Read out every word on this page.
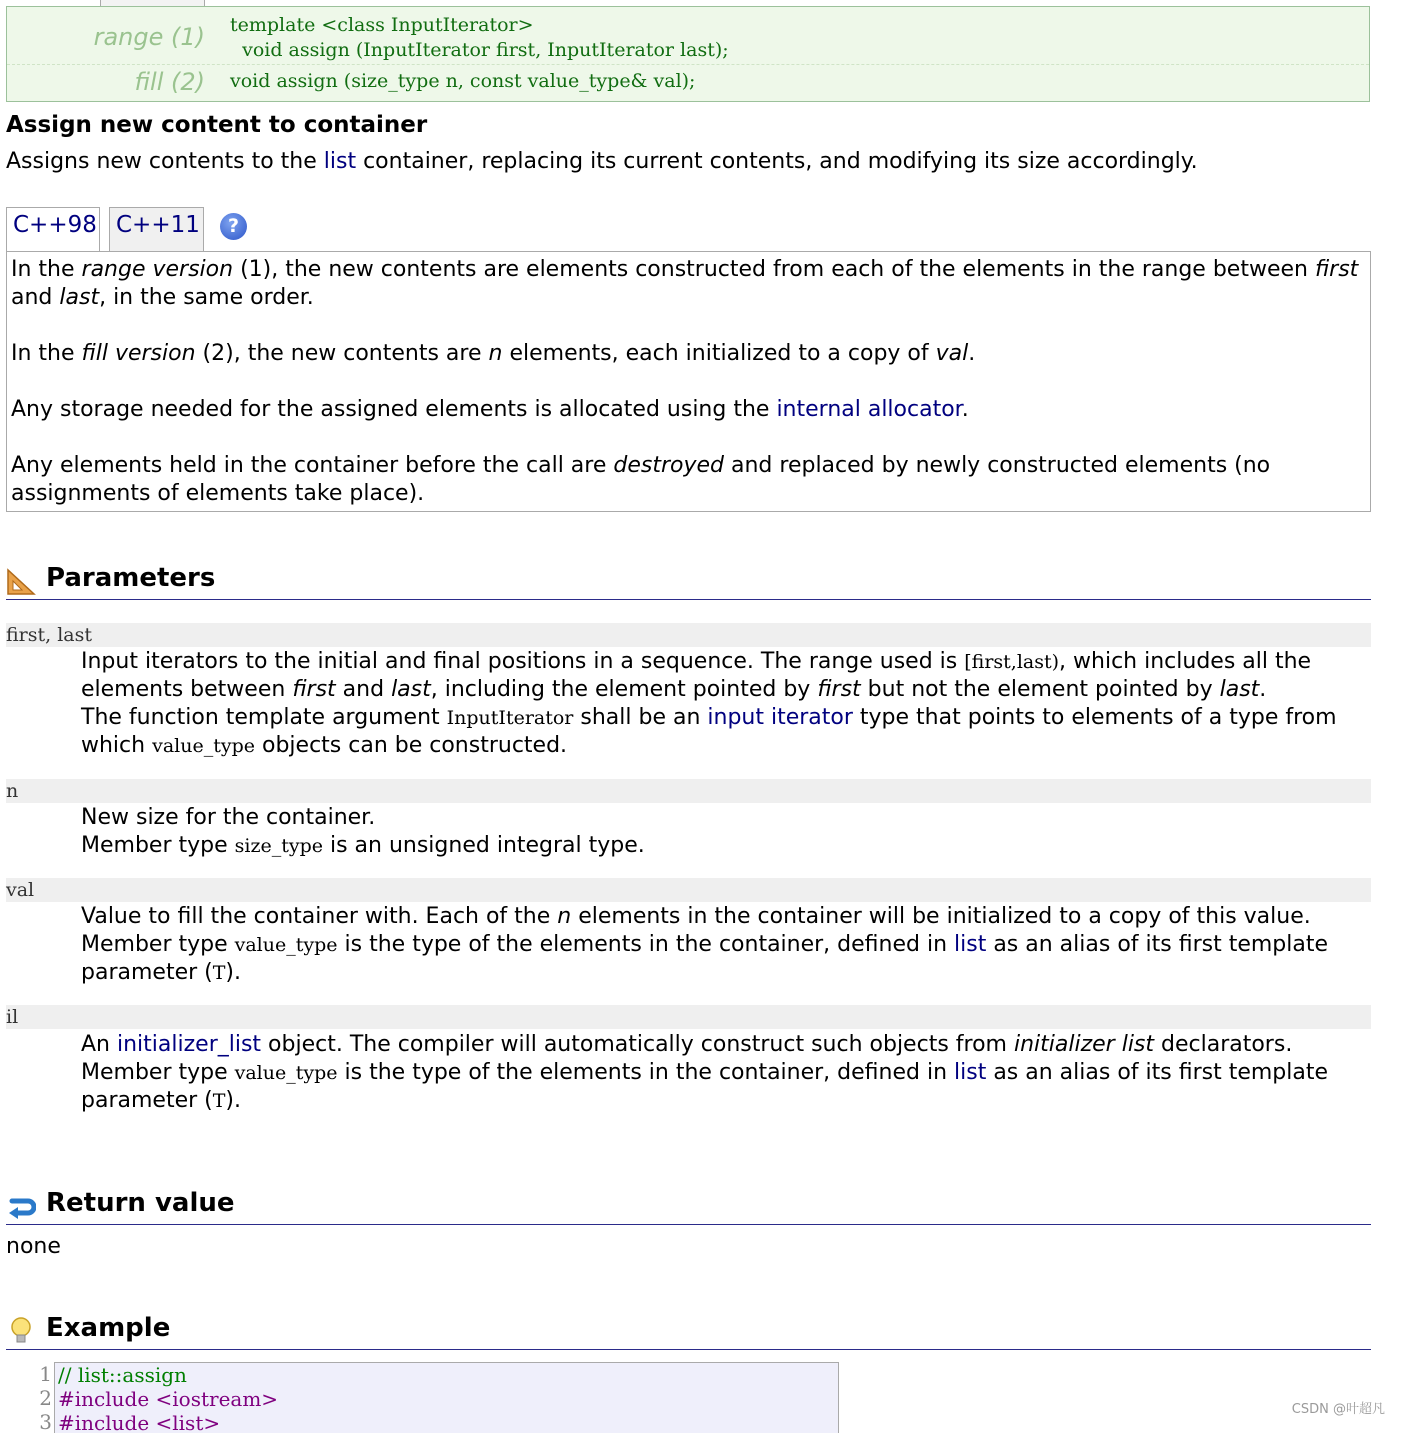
range (1) template <class InputIterator>
void assign (InputIterator first, InputIterator last);
fill (2) void assign (size_type n, const value_type& val);
Assign new content to container

Assigns new contents to the list container, replacing its current contents, and modifying its size accordingly.

C++98 C++11	?

In the range version (1), the new contents are elements constructed from each of the elements in the range between first and last, in the same order.

In the fill version (2), the new contents are n elements, each initialized to a copy of val.

Any storage needed for the assigned elements is allocated using the internal allocator.

Any elements held in the container before the call are destroyed and replaced by newly constructed elements (no assignments of elements take place).

Parameters
first, last

Input iterators to the initial and final positions in a sequence. The range used is [first,last), which includes all the elements between first and last, including the element pointed by first but not the element pointed by last.

The function template argument InputIterator shall be an input iterator type that points to elements of a type from which value_type objects can be constructed.

n

New size for the container.

Member type size_type is an unsigned integral type.

val

Value to fill the container with. Each of the n elements in the container will be initialized to a copy of this value.

Member type value_type is the type of the elements in the container, defined in list as an alias of its first template parameter (T).

il

An initializer_list object. The compiler will automatically construct such objects from initializer list declarators.

Member type value_type is the type of the elements in the container, defined in list as an alias of its first template parameter (T).

Return value
none
Example
1
2
3
// list::assign
#include <iostream>
#include <list>
CSDN @叶超凡
